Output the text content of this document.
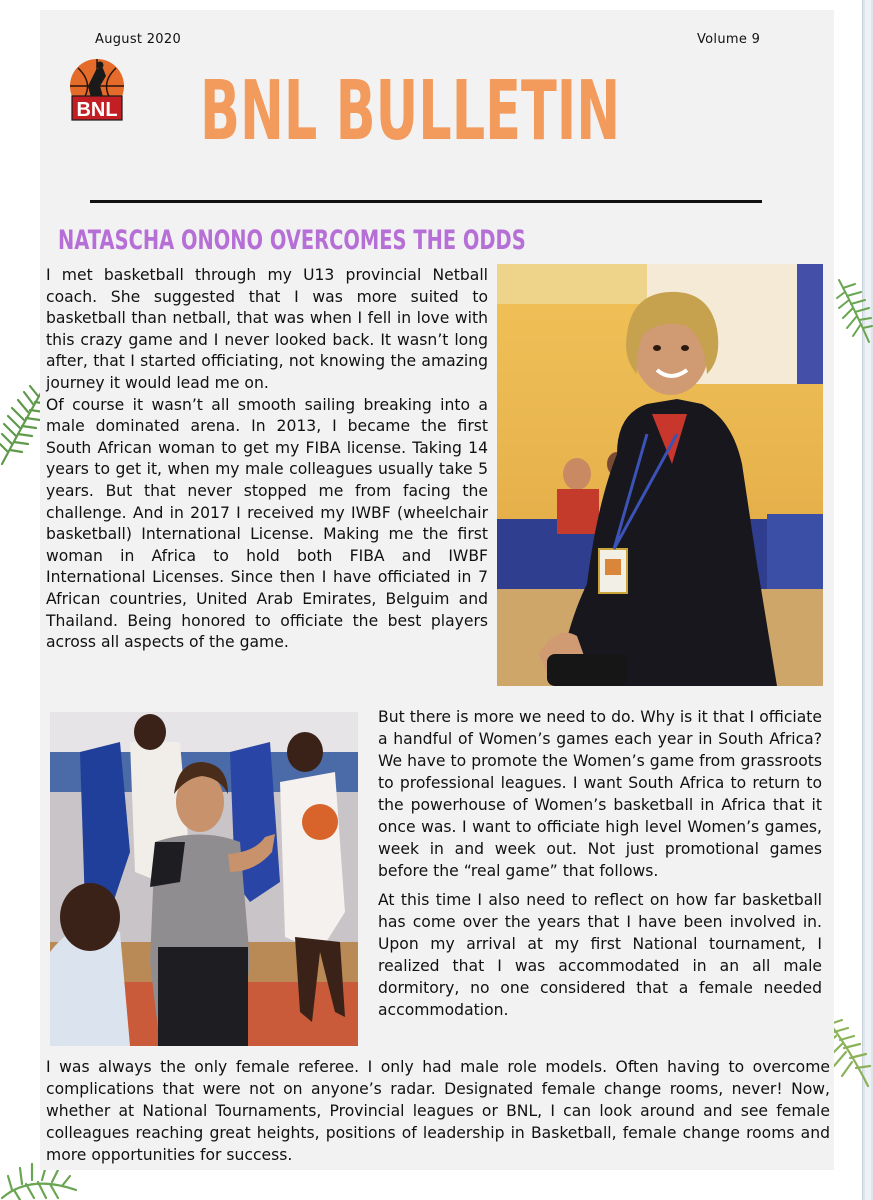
August 2020	Volume 9
BNL BNL BULLETIN
NATASCHA ONONO OVERCOMES THE ODDS

I met basketball through my U13 provincial Netball coach. She suggested that I was more suited to basketball than netball, that was when I fell in love with this crazy game and I never looked back. It wasn’t long after, that I started officiating, not knowing the amazing journey it would lead me on.

Of course it wasn’t all smooth sailing breaking into a male dominated arena. In 2013, I became the first South African woman to get my FIBA license. Taking 14 years to get it, when my male colleagues usually take 5 years. But that never stopped me from facing the challenge. And in 2017 I received my IWBF (wheelchair basketball) International License. Making me the first woman in Africa to hold both FIBA and IWBF International Licenses. Since then I have officiated in 7 African countries, United Arab Emirates, Belguim and Thailand. Being honored to officiate the best players across all aspects of the game.

But there is more we need to do. Why is it that I officiate a handful of Women’s games each year in South Africa? We have to promote the Women’s game from grassroots to professional leagues. I want South Africa to return to the powerhouse of Women’s basketball in Africa that it once was. I want to officiate high level Women’s games, week in and week out. Not just promotional games before the “real game” that follows.

At this time I also need to reflect on how far basketball has come over the years that I have been involved in. Upon my arrival at my first National tournament, I realized that I was accommodated in an all male dormitory, no one considered that a female needed accommodation.

I was always the only female referee. I only had male role models. Often having to overcome complications that were not on anyone’s radar. Designated female change rooms, never! Now, whether at National Tournaments, Provincial leagues or BNL, I can look around and see female colleagues reaching great heights, positions of leadership in Basketball, female change rooms and more opportunities for success.
